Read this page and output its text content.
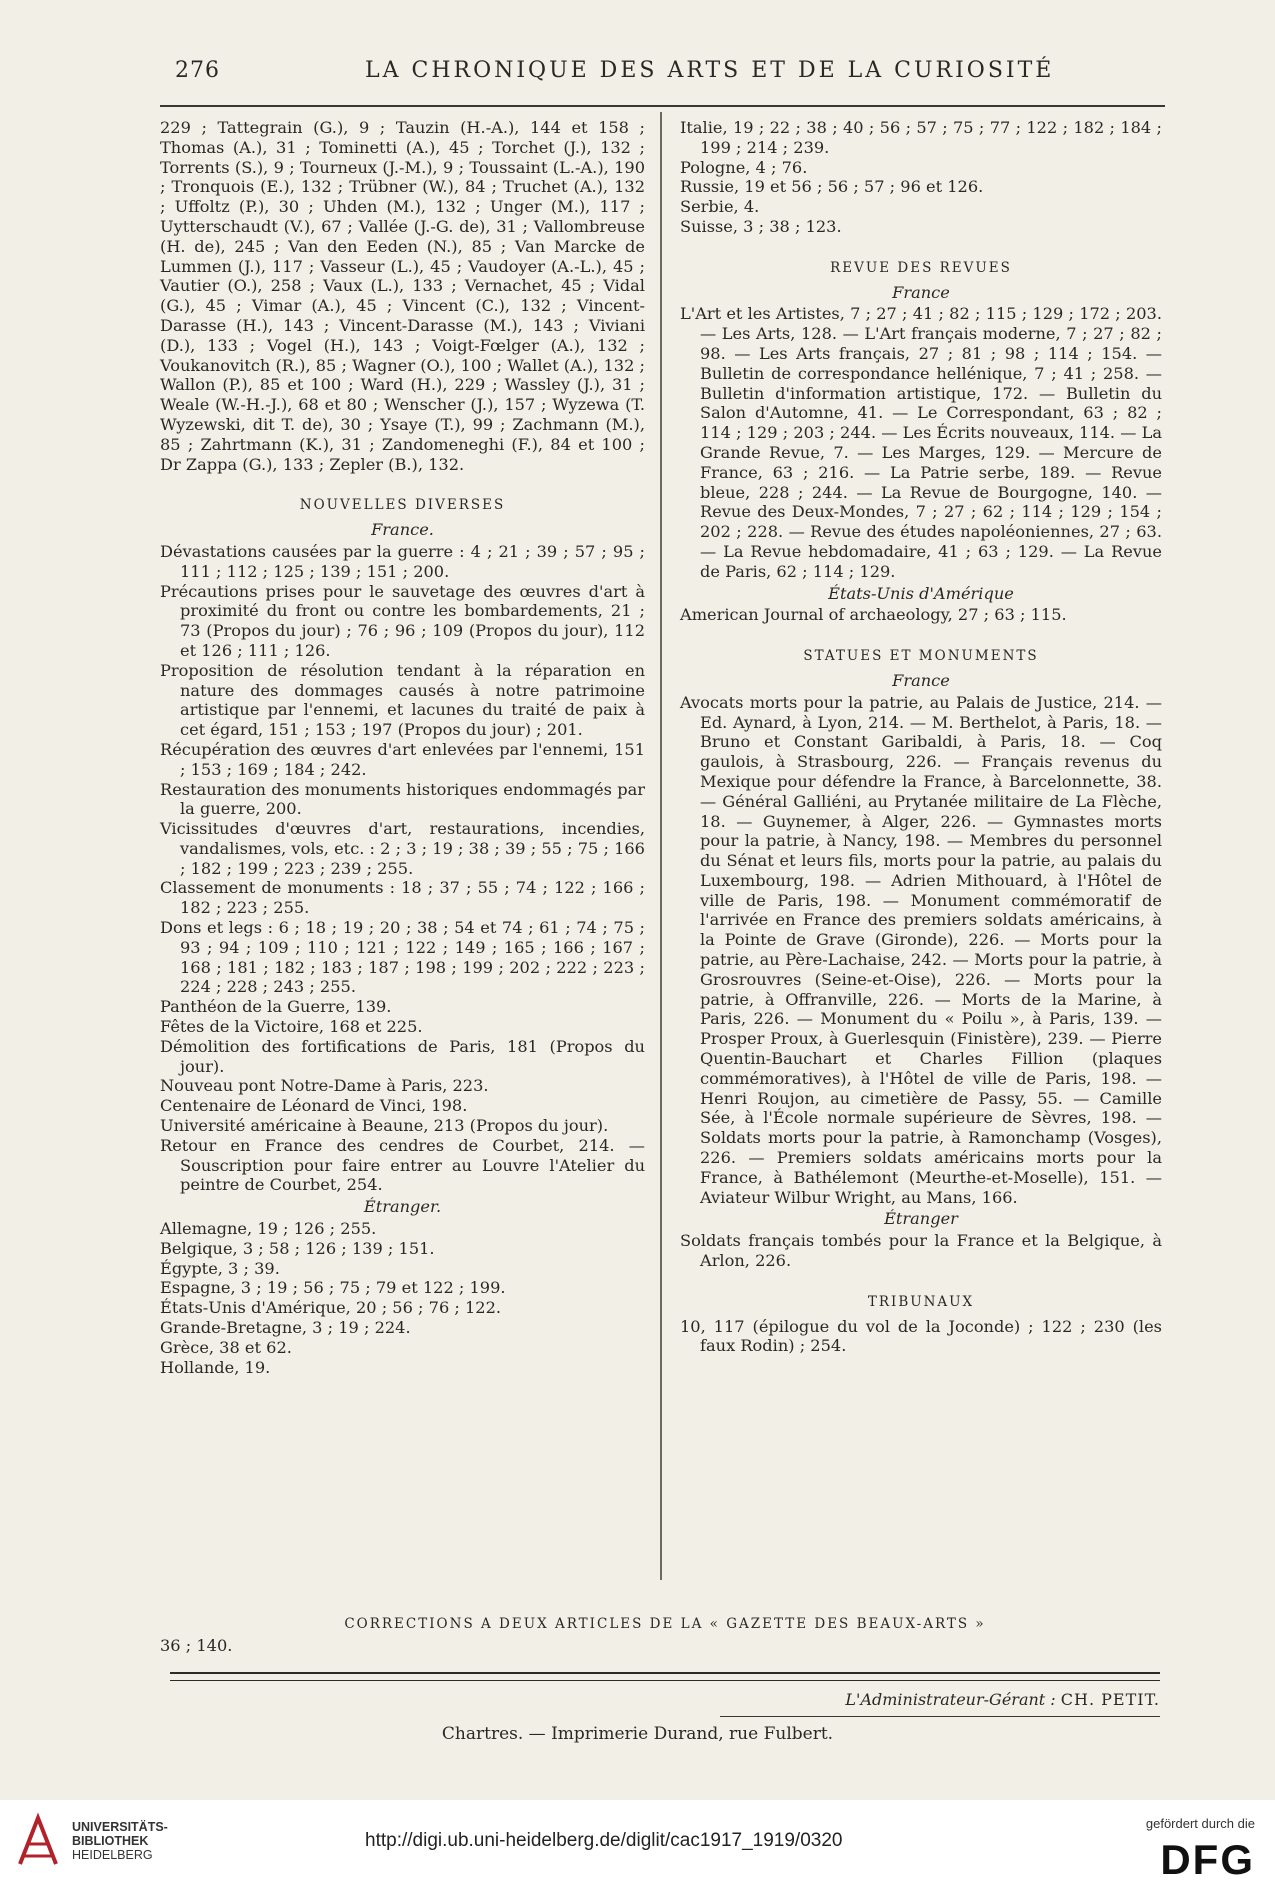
276	LA CHRONIQUE DES ARTS ET DE LA CURIOSITÉ

229 ; Tattegrain (G.), 9 ; Tauzin (H.-A.), 144 et 158 ; Thomas (A.), 31 ; Tominetti (A.), 45 ; Torchet (J.), 132 ; Torrents (S.), 9 ; Tourneux (J.-M.), 9 ; Toussaint (L.-A.), 190 ; Tronquois (E.), 132 ; Trübner (W.), 84 ; Truchet (A.), 132 ; Uffoltz (P.), 30 ; Uhden (M.), 132 ; Unger (M.), 117 ; Uytterschaudt (V.), 67 ; Vallée (J.-G. de), 31 ; Vallombreuse (H. de), 245 ; Van den Eeden (N.), 85 ; Van Marcke de Lummen (J.), 117 ; Vasseur (L.), 45 ; Vaudoyer (A.-L.), 45 ; Vautier (O.), 258 ; Vaux (L.), 133 ; Vernachet, 45 ; Vidal (G.), 45 ; Vimar (A.), 45 ; Vincent (C.), 132 ; Vincent-Darasse (H.), 143 ; Vincent-Darasse (M.), 143 ; Viviani (D.), 133 ; Vogel (H.), 143 ; Voigt-Fœlger (A.), 132 ; Voukanovitch (R.), 85 ; Wagner (O.), 100 ; Wallet (A.), 132 ; Wallon (P.), 85 et 100 ; Ward (H.), 229 ; Wassley (J.), 31 ; Weale (W.-H.-J.), 68 et 80 ; Wenscher (J.), 157 ; Wyzewa (T. Wyzewski, dit T. de), 30 ; Ysaye (T.), 99 ; Zachmann (M.), 85 ; Zahrtmann (K.), 31 ; Zandomeneghi (F.), 84 et 100 ; Dr Zappa (G.), 133 ; Zepler (B.), 132.

NOUVELLES DIVERSES
France.

Dévastations causées par la guerre : 4 ; 21 ; 39 ; 57 ; 95 ; 111 ; 112 ; 125 ; 139 ; 151 ; 200.

Précautions prises pour le sauvetage des œuvres d'art à proximité du front ou contre les bombardements, 21 ; 73 (Propos du jour) ; 76 ; 96 ; 109 (Propos du jour), 112 et 126 ; 111 ; 126.

Proposition de résolution tendant à la réparation en nature des dommages causés à notre patrimoine artistique par l'ennemi, et lacunes du traité de paix à cet égard, 151 ; 153 ; 197 (Propos du jour) ; 201.

Récupération des œuvres d'art enlevées par l'ennemi, 151 ; 153 ; 169 ; 184 ; 242.

Restauration des monuments historiques endommagés par la guerre, 200.

Vicissitudes d'œuvres d'art, restaurations, incendies, vandalismes, vols, etc. : 2 ; 3 ; 19 ; 38 ; 39 ; 55 ; 75 ; 166 ; 182 ; 199 ; 223 ; 239 ; 255.

Classement de monuments : 18 ; 37 ; 55 ; 74 ; 122 ; 166 ; 182 ; 223 ; 255.

Dons et legs : 6 ; 18 ; 19 ; 20 ; 38 ; 54 et 74 ; 61 ; 74 ; 75 ; 93 ; 94 ; 109 ; 110 ; 121 ; 122 ; 149 ; 165 ; 166 ; 167 ; 168 ; 181 ; 182 ; 183 ; 187 ; 198 ; 199 ; 202 ; 222 ; 223 ; 224 ; 228 ; 243 ; 255.

Panthéon de la Guerre, 139.

Fêtes de la Victoire, 168 et 225.

Démolition des fortifications de Paris, 181 (Propos du jour).

Nouveau pont Notre-Dame à Paris, 223.

Centenaire de Léonard de Vinci, 198.

Université américaine à Beaune, 213 (Propos du jour).

Retour en France des cendres de Courbet, 214. — Souscription pour faire entrer au Louvre l'Atelier du peintre de Courbet, 254.

Étranger.

Allemagne, 19 ; 126 ; 255.

Belgique, 3 ; 58 ; 126 ; 139 ; 151.

Égypte, 3 ; 39.

Espagne, 3 ; 19 ; 56 ; 75 ; 79 et 122 ; 199.

États-Unis d'Amérique, 20 ; 56 ; 76 ; 122.

Grande-Bretagne, 3 ; 19 ; 224.

Grèce, 38 et 62.

Hollande, 19.

Italie, 19 ; 22 ; 38 ; 40 ; 56 ; 57 ; 75 ; 77 ; 122 ; 182 ; 184 ; 199 ; 214 ; 239.

Pologne, 4 ; 76.

Russie, 19 et 56 ; 56 ; 57 ; 96 et 126.

Serbie, 4.

Suisse, 3 ; 38 ; 123.

REVUE DES REVUES
France

L'Art et les Artistes, 7 ; 27 ; 41 ; 82 ; 115 ; 129 ; 172 ; 203. — Les Arts, 128. — L'Art français moderne, 7 ; 27 ; 82 ; 98. — Les Arts français, 27 ; 81 ; 98 ; 114 ; 154. — Bulletin de correspondance hellénique, 7 ; 41 ; 258. — Bulletin d'information artistique, 172. — Bulletin du Salon d'Automne, 41. — Le Correspondant, 63 ; 82 ; 114 ; 129 ; 203 ; 244. — Les Écrits nouveaux, 114. — La Grande Revue, 7. — Les Marges, 129. — Mercure de France, 63 ; 216. — La Patrie serbe, 189. — Revue bleue, 228 ; 244. — La Revue de Bourgogne, 140. — Revue des Deux-Mondes, 7 ; 27 ; 62 ; 114 ; 129 ; 154 ; 202 ; 228. — Revue des études napoléoniennes, 27 ; 63. — La Revue hebdomadaire, 41 ; 63 ; 129. — La Revue de Paris, 62 ; 114 ; 129.

États-Unis d'Amérique

American Journal of archaeology, 27 ; 63 ; 115.

STATUES ET MONUMENTS
France

Avocats morts pour la patrie, au Palais de Justice, 214. — Ed. Aynard, à Lyon, 214. — M. Berthelot, à Paris, 18. — Bruno et Constant Garibaldi, à Paris, 18. — Coq gaulois, à Strasbourg, 226. — Français revenus du Mexique pour défendre la France, à Barcelonnette, 38. — Général Galliéni, au Prytanée militaire de La Flèche, 18. — Guynemer, à Alger, 226. — Gymnastes morts pour la patrie, à Nancy, 198. — Membres du personnel du Sénat et leurs fils, morts pour la patrie, au palais du Luxembourg, 198. — Adrien Mithouard, à l'Hôtel de ville de Paris, 198. — Monument commémoratif de l'arrivée en France des premiers soldats américains, à la Pointe de Grave (Gironde), 226. — Morts pour la patrie, au Père-Lachaise, 242. — Morts pour la patrie, à Grosrouvres (Seine-et-Oise), 226. — Morts pour la patrie, à Offranville, 226. — Morts de la Marine, à Paris, 226. — Monument du « Poilu », à Paris, 139. — Prosper Proux, à Guerlesquin (Finistère), 239. — Pierre Quentin-Bauchart et Charles Fillion (plaques commémoratives), à l'Hôtel de ville de Paris, 198. — Henri Roujon, au cimetière de Passy, 55. — Camille Sée, à l'École normale supérieure de Sèvres, 198. — Soldats morts pour la patrie, à Ramonchamp (Vosges), 226. — Premiers soldats américains morts pour la France, à Bathélemont (Meurthe-et-Moselle), 151. — Aviateur Wilbur Wright, au Mans, 166.

Étranger

Soldats français tombés pour la France et la Belgique, à Arlon, 226.

TRIBUNAUX

10, 117 (épilogue du vol de la Joconde) ; 122 ; 230 (les faux Rodin) ; 254.

CORRECTIONS A DEUX ARTICLES DE LA « GAZETTE DES BEAUX-ARTS »
36 ; 140.
L'Administrateur-Gérant : CH. PETIT.
Chartres. — Imprimerie Durand, rue Fulbert.
UNIVERSITÄTS-
BIBLIOTHEK
HEIDELBERG
http://digi.ub.uni-heidelberg.de/diglit/cac1917_1919/0320
gefördert durch die
DFG
